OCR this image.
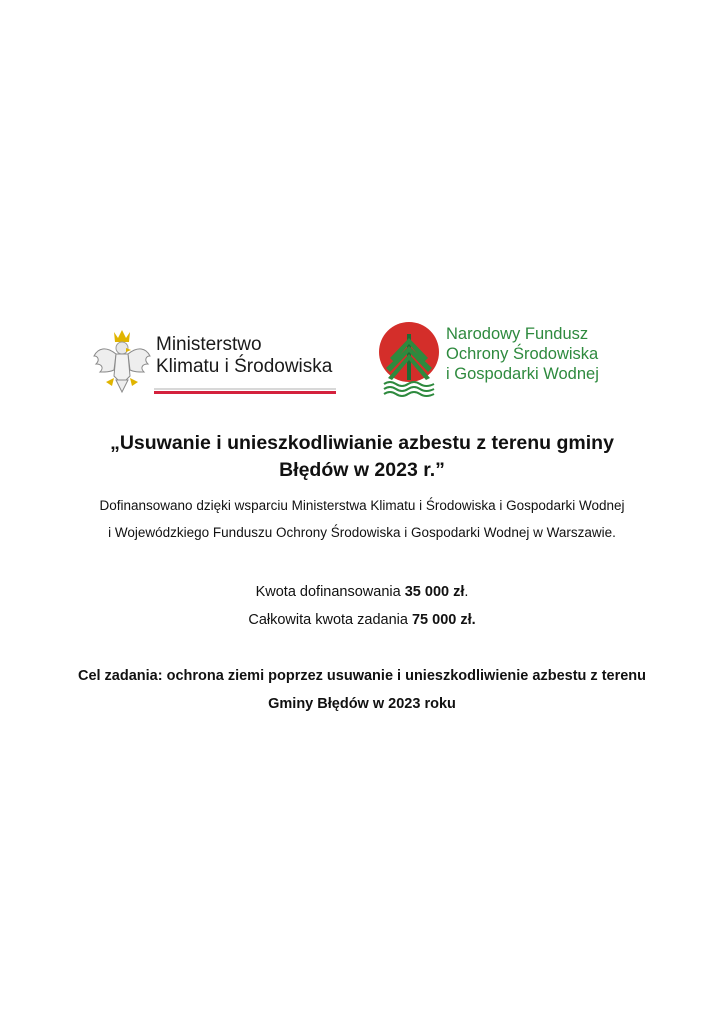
Ministerstwo
Klimatu i Środowiska
Narodowy Fundusz
Ochrony Środowiska
i Gospodarki Wodnej

„Usuwanie i unieszkodliwianie azbestu z terenu gminy

Błędów w 2023 r.”

Dofinansowano dzięki wsparciu Ministerstwa Klimatu i Środowiska i Gospodarki Wodnej

i Wojewódzkiego Funduszu Ochrony Środowiska i Gospodarki Wodnej w Warszawie.

Kwota dofinansowania 35 000 zł.

Całkowita kwota zadania 75 000 zł.

Cel zadania: ochrona ziemi poprzez usuwanie i unieszkodliwienie azbestu z terenu

Gminy Błędów w 2023 roku
